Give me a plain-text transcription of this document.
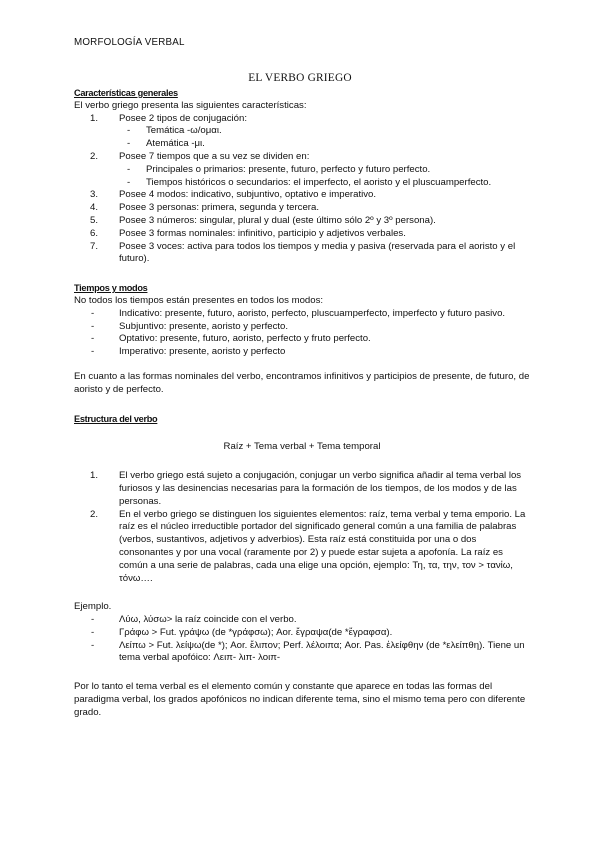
MORFOLOGÍA VERBAL
EL VERBO GRIEGO

Características generales

El verbo griego presenta las siguientes características:

1. Posee 2 tipos de conjugación:
- Temática -ω/ομαι.
- Atemática -μι.
2. Posee 7 tiempos que a su vez se dividen en:
- Principales o primarios: presente, futuro, perfecto y futuro perfecto.
- Tiempos históricos o secundarios: el imperfecto, el aoristo y el pluscuamperfecto.
3. Posee 4 modos: indicativo, subjuntivo, optativo e imperativo.
4. Posee 3 personas: primera, segunda y tercera.
5. Posee 3 números: singular, plural y dual (este último sólo 2º y 3º persona).
6. Posee 3 formas nominales: infinitivo, participio y adjetivos verbales.
7. Posee 3 voces: activa para todos los tiempos y media y pasiva (reservada para el aoristo y el futuro).

Tiempos y modos

No todos los tiempos están presentes en todos los modos:

- Indicativo: presente, futuro, aoristo, perfecto, pluscuamperfecto, imperfecto y futuro pasivo.
- Subjuntivo: presente, aoristo y perfecto.
- Optativo: presente, futuro, aoristo, perfecto y fruto perfecto.
- Imperativo: presente, aoristo y perfecto

En cuanto a las formas nominales del verbo, encontramos infinitivos y participios de presente, de futuro, de aoristo y de perfecto.

Estructura del verbo

Raíz + Tema verbal + Tema temporal

1. El verbo griego está sujeto a conjugación, conjugar un verbo significa añadir al tema verbal los furiosos y las desinencias necesarias para la formación de los tiempos, de los modos y de las personas.
2. En el verbo griego se distinguen los siguientes elementos: raíz, tema verbal y tema emporio. La raíz es el núcleo irreductible portador del significado general común a una familia de palabras (verbos, sustantivos, adjetivos y adverbios). Esta raíz está constituida por una o dos consonantes y por una vocal (raramente por 2) y puede estar sujeta a apofonía. La raíz es común a una serie de palabras, cada una elige una opción, ejemplo: Τη, τα, την, τον > τανἰω, τόνω….

Ejemplo.

- Λύω, λύσω> la raíz coincide con el verbo.
- Γράφω > Fut. γράψω (de *γράφσω); Aor. ἔγραψα(de *ἔγραφσα).
- Λείπω > Fut. λείψω(de *); Aor. ἔλιπον; Perf. λέλοιπα; Aor. Pas. ἐλείφθην (de *ελείπθη). Tiene un tema verbal apofóico: Λειπ- λιπ- λοιπ-

Por lo tanto el tema verbal es el elemento común y constante que aparece en todas las formas del paradigma verbal, los grados apofónicos no indican diferente tema, sino el mismo tema pero con diferente grado.
